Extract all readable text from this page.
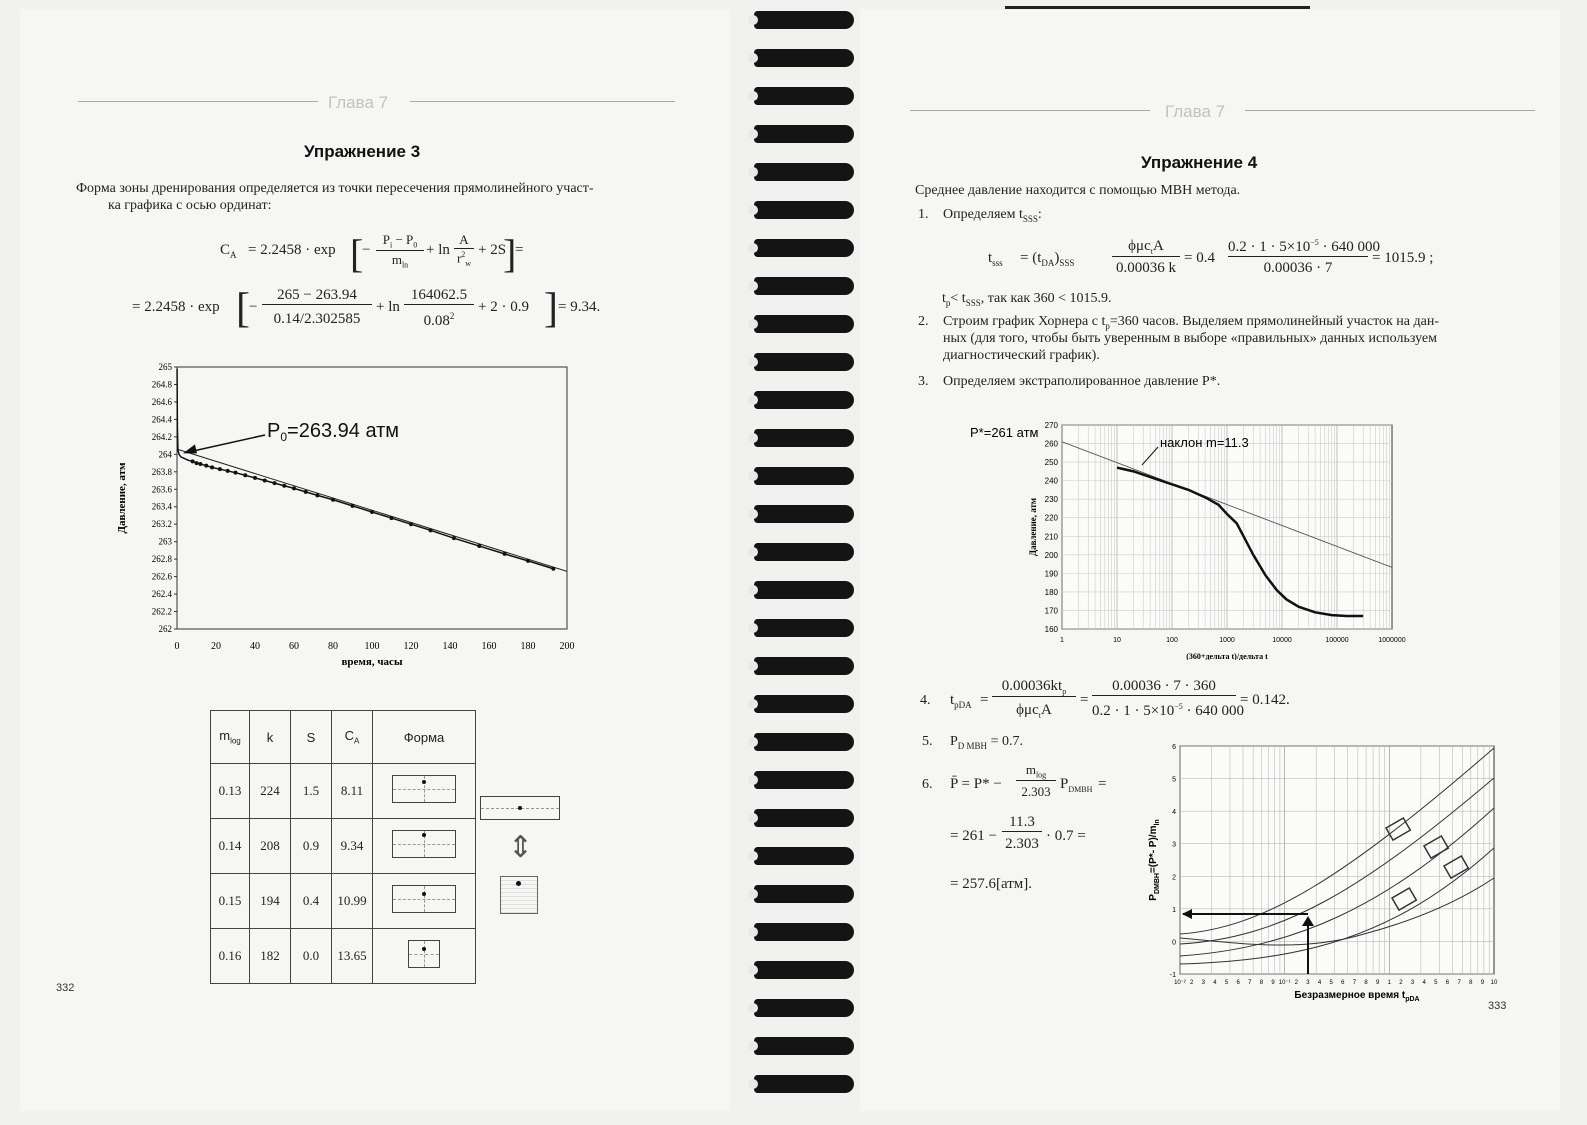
Глава 7
Упражнение 3
Форма зоны дренирования определяется из точки пересечения прямолинейного участ-
ка графика с осью ординат:
$C_A = 2.2458 \cdot \exp$ [
−
$P_i - P_0$
$m_{ln}$
+ ln
A
$r^2_w$
+ 2S
]
=
= 2.2458 · exp [ −
265 − 263.94
0.14/2.302585
+ ln
164062.5
$0.08^2$
+ 2 · 0.9 ] = 9.34.
265
264.8
264.6
264.4
264.2
264
263.8
263.6
263.4
263.2
263
262.8
262.6
262.4
262.2
262
0	20	40	60	80	100 120 140 160 180 200
время, часы
Давление, атм
$P_0=263.94$ атм
$m_{log}$	k	S	$C_A$	Форма
0.13	224	1.5	8.11	

0.14	208	0.9	9.34	

0.15	194	0.4	10.99	

0.16	182	0.0	13.65	
⇕
332
Глава 7
Упражнение 4
Среднее давление находится с помощью МВН метода.
1. Определяем $t_{SSS}$:
$t_{sss} = (t_{DA})_{SSS}$
ϕμc$_t$A
0.00036 k
= 0.4
$0.2 \cdot 1 \cdot 5\times 10^{-5} \cdot 640$ 000
0.00036 · 7
= 1015.9 ;
$t_p< t_{SSS}$, так как 360 < 1015.9.
2. Строим график Хорнера с $t_p=360$ часов. Выделяем прямолинейный участок на дан-
ных (для того, чтобы быть уверенным в выборе «правильных» данных используем
диагностический график).
3. Определяем экстраполированное давление Р*.
270
260
250
240
230
220
210
200
190
180
170
160
1	10	100	1000	10000	100000	1000000
(360+дельта t)/дельта t
Давление, атм
P*=261 атм
наклон m=11.3
4. $t_{pDA}$ =
$0.00036kt_p$
ϕμc$_t$A
=
0.00036 · 7 · 360
$0.2 \cdot 1 \cdot 5\times 10^{-5} \cdot 640$ 000
= 0.142.
5. $P_{D МВН} = 0.7$.
6. P̄ = P* −
$m_{log}$
2.303 $P_{DMBH}$ =
= 261 −
11.3
2.303 · 0.7 =
= 257.6[атм].
6
5
4
3
2
1
0
-1
10⁻² 2 3 4 5 6 7 8 9 10⁻¹ 2 3 4 5 6 7 8 9 1 2 3 4 5 6 7 8 9 10
Безразмерное время $t_{pDA}$
$P_{DMBH}=(P*-$ $P)/m_{ln}$
333
